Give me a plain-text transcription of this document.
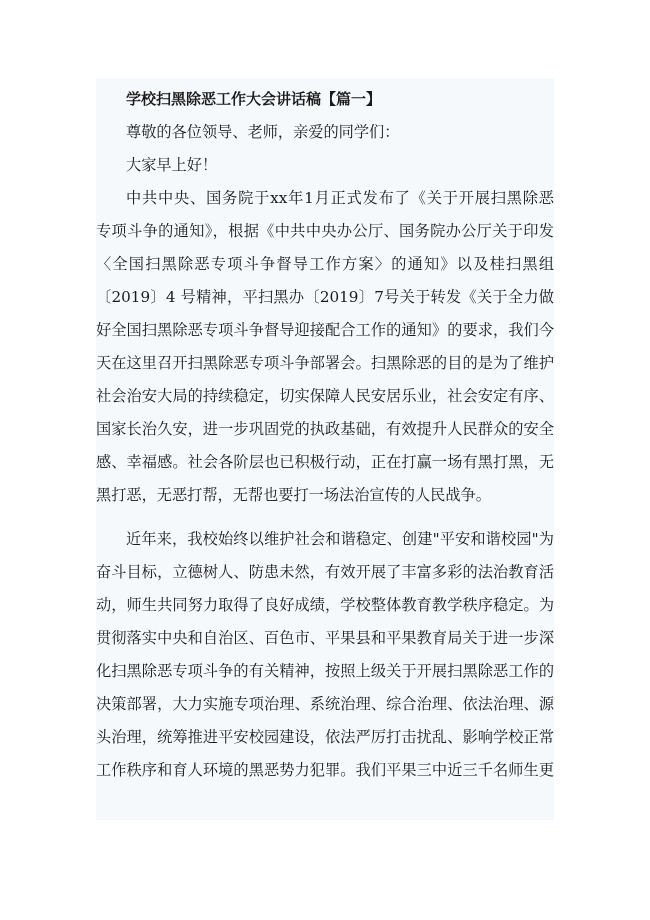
学校扫黑除恶工作大会讲话稿【篇一】
尊敬的各位领导、老师，亲爱的同学们：
大家早上好！
中共中央、国务院于xx年1月正式发布了《关于开展扫黑除恶
专项斗争的通知》，根据《中共中央办公厅、国务院办公厅关于印发
〈全国扫黑除恶专项斗争督导工作方案〉的通知》以及桂扫黑组
〔2019〕4 号精神，平扫黑办〔2019〕7号关于转发《关于全力做
好全国扫黑除恶专项斗争督导迎接配合工作的通知》的要求，我们今
天在这里召开扫黑除恶专项斗争部署会。扫黑除恶的目的是为了维护
社会治安大局的持续稳定，切实保障人民安居乐业，社会安定有序、
国家长治久安，进一步巩固党的执政基础，有效提升人民群众的安全
感、幸福感。社会各阶层也已积极行动，正在打赢一场有黑打黑，无
黑打恶，无恶打帮，无帮也要打一场法治宣传的人民战争。
近年来，我校始终以维护社会和谐稳定、创建"平安和谐校园"为
奋斗目标，立德树人、防患未然，有效开展了丰富多彩的法治教育活
动，师生共同努力取得了良好成绩，学校整体教育教学秩序稳定。为
贯彻落实中央和自治区、百色市、平果县和平果教育局关于进一步深
化扫黑除恶专项斗争的有关精神，按照上级关于开展扫黑除恶工作的
决策部署，大力实施专项治理、系统治理、综合治理、依法治理、源
头治理，统筹推进平安校园建设，依法严厉打击扰乱、影响学校正常
工作秩序和育人环境的黑恶势力犯罪。我们平果三中近三千名师生更
